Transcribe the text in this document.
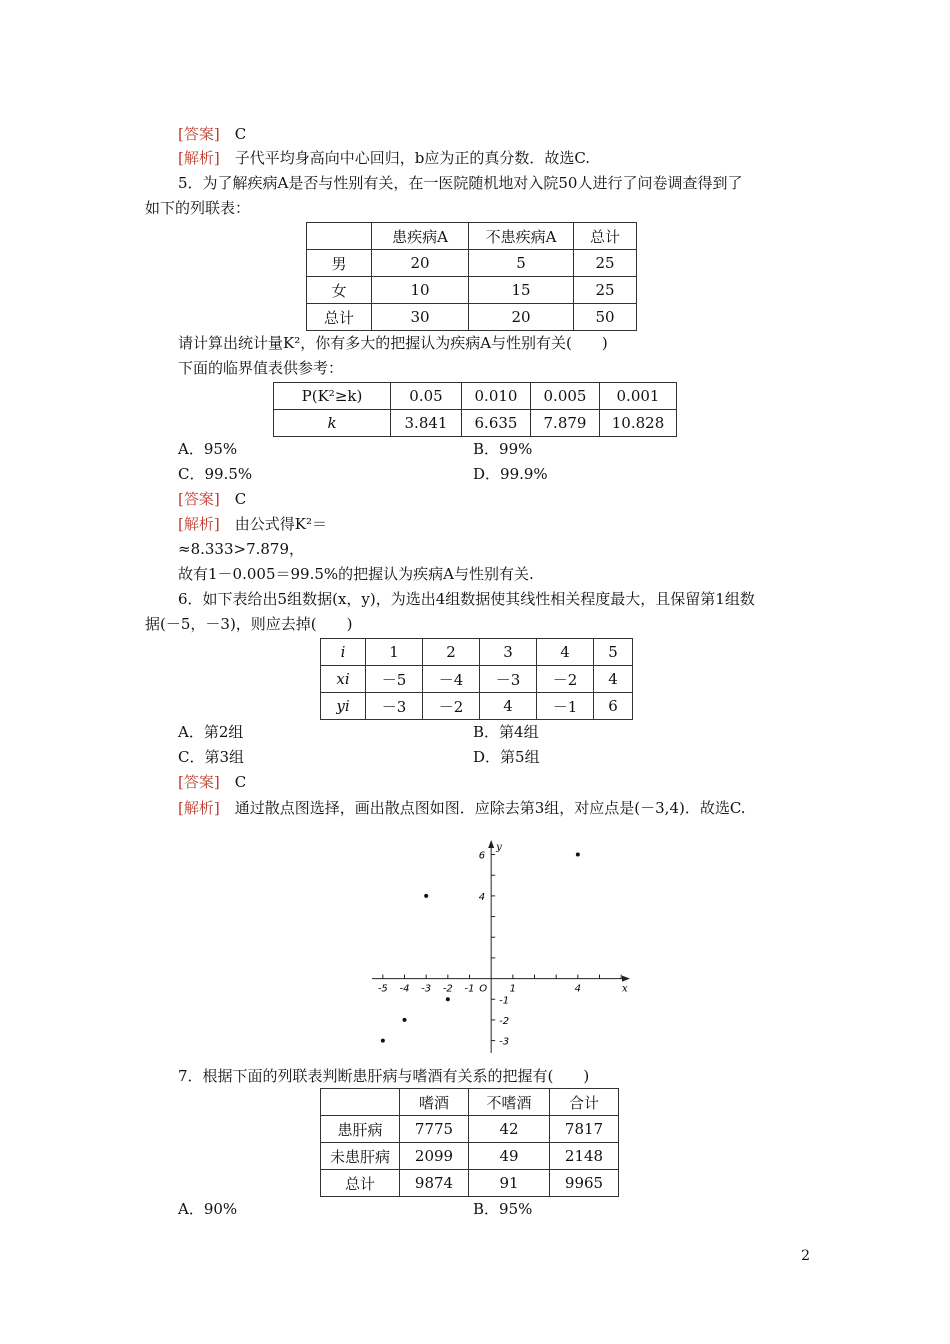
[答案]　 C
[解析]　 子代平均身高向中心回归，b应为正的真分数．故选C.
5．为了解疾病A是否与性别有关，在一医院随机地对入院50人进行了问卷调查得到了
如下的列联表：
	患疾病A	不患疾病A	总计
男	20	5	25
女	10	15	25
总计	30	20	50
请计算出统计量K²，你有多大的把握认为疾病A与性别有关(　　)
下面的临界值表供参考：
P(K²≥k)	0.05	0.010	0.005	0.001
k	3.841	6.635	7.879	10.828
A．95%	B．99%
C．99.5%	D．99.9%
[答案]　 C
[解析]　 由公式得K²＝
≈8.333>7.879，
故有1－0.005＝99.5%的把握认为疾病A与性别有关.
6．如下表给出5组数据(x，y)，为选出4组数据使其线性相关程度最大，且保留第1组数
据(－5，－3)，则应去掉(　　)
i	1	2	3	4	5
xi	－5	－4	－3	－2	4
yi	－3	－2	4	－1	6
A．第2组	B．第4组
C．第3组	D．第5组
[答案]　 C
[解析]　 通过散点图选择，画出散点图如图．应除去第3组，对应点是(－3,4)．故选C.
-5 -4 -3 -2 -1	1	4
6
4
-1
-2
-3
O	x
y
7．根据下面的列联表判断患肝病与嗜酒有关系的把握有(　　)
	嗜酒	不嗜酒	合计
患肝病	7775	42	7817
未患肝病	2099	49	2148
总计	9874	91	9965
A．90%	B．95%
2
